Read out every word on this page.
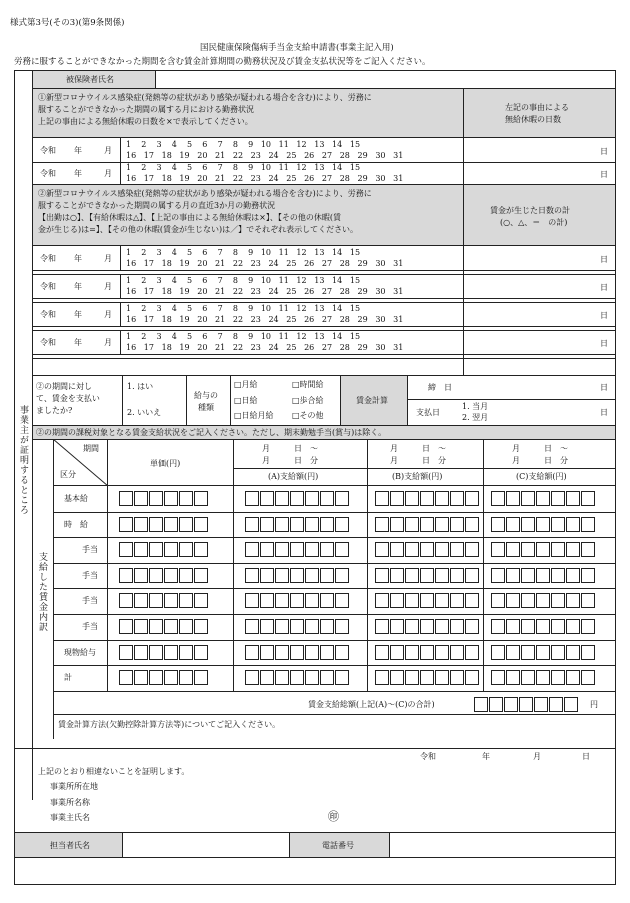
様式第3号(その3)(第9条関係)
国民健康保険傷病手当金支給申請書(事業主記入用)
労務に服することができなかった期間を含む賃金計算期間の勤務状況及び賃金支払状況等をご記入ください。
事業主が証明するところ
被保険者氏名
①新型コロナウイルス感染症(発熱等の症状があり感染が疑われる場合を含む)により、労務に
服することができなかった期間の属する月における勤務状況
上記の事由による無給休暇の日数を×で表示してください。
左記の事由による
無給休暇の日数
令和 年	月
1    2    3    4    5    6    7    8    9   10   11   12   13   14   15
16   17   18   19   20   21   22   23   24   25   26   27   28   29   30   31	日
令和 年	月
1    2    3    4    5    6    7    8    9   10   11   12   13   14   15
16   17   18   19   20   21   22   23   24   25   26   27   28   29   30   31	日
②新型コロナウイルス感染症(発熱等の症状があり感染が疑われる場合を含む)により、労務に
服することができなかった期間の属する月の直近3か月の勤務状況
【出勤は○】、【有給休暇は△】、【上記の事由による無給休暇は×】、【その他の休暇(賃
金が生じる)は=】、【その他の休暇(賃金が生じない)は／】でそれぞれ表示してください。
賃金が生じた日数の計
(○、△、＝　の計)
令和 年	月
1    2    3    4    5    6    7    8    9   10   11   12   13   14   15
16   17   18   19   20   21   22   23   24   25   26   27   28   29   30   31	日
令和 年	月
1    2    3    4    5    6    7    8    9   10   11   12   13   14   15
16   17   18   19   20   21   22   23   24   25   26   27   28   29   30   31	日
令和 年	月
1    2    3    4    5    6    7    8    9   10   11   12   13   14   15
16   17   18   19   20   21   22   23   24   25   26   27   28   29   30   31	日
令和 年	月
1    2    3    4    5    6    7    8    9   10   11   12   13   14   15
16   17   18   19   20   21   22   23   24   25   26   27   28   29   30   31	日
②の期間に対し
て、賃金を支払い
ましたか?
1. はい
2. いいえ
給与の
種類
□月給	□時間給
□日給	□歩合給
□日給月給 □その他
賃金計算
締　日	日
支払日
1. 当月
2. 翌月
日
②の期間の課税対象となる賃金支給状況をご記入ください。ただし、期末勤勉手当(賞与)は除く。
期間
区分
単価(円)
月　　　日　～
月　　　日　分
月　　　日　～
月　　　日　分
月　　　日　～
月　　　日　分
(A)支給額(円)	(B)支給額(円)	(C)支給額(円)
支給した賃金内訳
基本給
時　給
手当
手当
手当
手当
現物給与
計
賃金支給総額(上記(A)～(C)の合計)	円
賃金計算方法(欠勤控除計算方法等)についてご記入ください。
令和	年	月	日
上記のとおり相違ないことを証明します。
事業所所在地
事業所名称
事業主氏名	㊞
担当者氏名	電話番号
